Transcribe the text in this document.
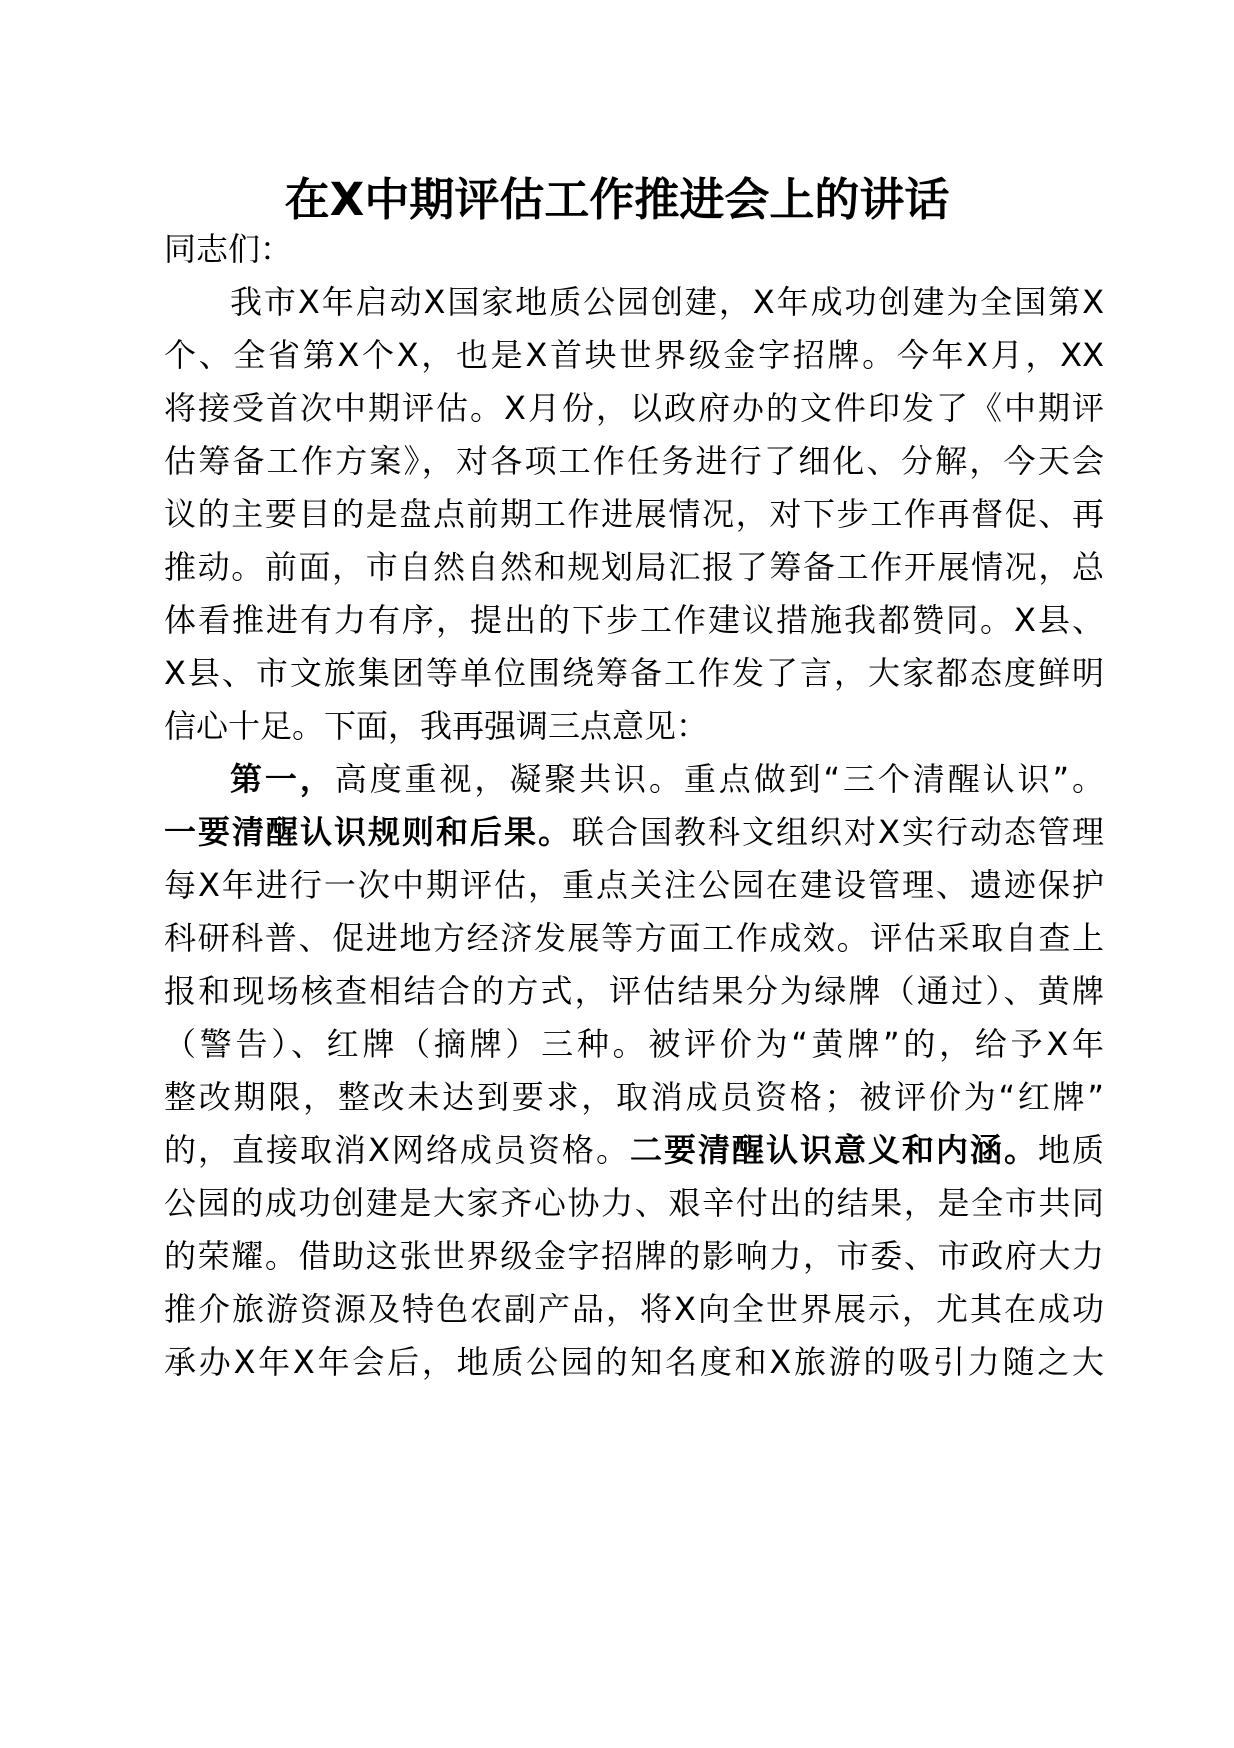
在X中期评估工作推进会上的讲话

同志们：

我市X年启动X国家地质公园创建，X年成功创建为全国第X

个、全省第X个X，也是X首块世界级金字招牌。今年X月，XX

将接受首次中期评估。X月份，以政府办的文件印发了《中期评

估筹备工作方案》，对各项工作任务进行了细化、分解，今天会

议的主要目的是盘点前期工作进展情况，对下步工作再督促、再

推动。前面，市自然自然和规划局汇报了筹备工作开展情况，总

体看推进有力有序，提出的下步工作建议措施我都赞同。X县、

X县、市文旅集团等单位围绕筹备工作发了言，大家都态度鲜明

信心十足。下面，我再强调三点意见：

第一，高度重视，凝聚共识。重点做到“三个清醒认识”。

一要清醒认识规则和后果。联合国教科文组织对X实行动态管理

每X年进行一次中期评估，重点关注公园在建设管理、遗迹保护

科研科普、促进地方经济发展等方面工作成效。评估采取自查上

报和现场核查相结合的方式，评估结果分为绿牌（通过）、黄牌

（警告）、红牌（摘牌）三种。被评价为“黄牌”的，给予X年

整改期限，整改未达到要求，取消成员资格；被评价为“红牌”

的，直接取消X网络成员资格。二要清醒认识意义和内涵。地质

公园的成功创建是大家齐心协力、艰辛付出的结果，是全市共同

的荣耀。借助这张世界级金字招牌的影响力，市委、市政府大力

推介旅游资源及特色农副产品，将X向全世界展示，尤其在成功

承办X年X年会后，地质公园的知名度和X旅游的吸引力随之大
